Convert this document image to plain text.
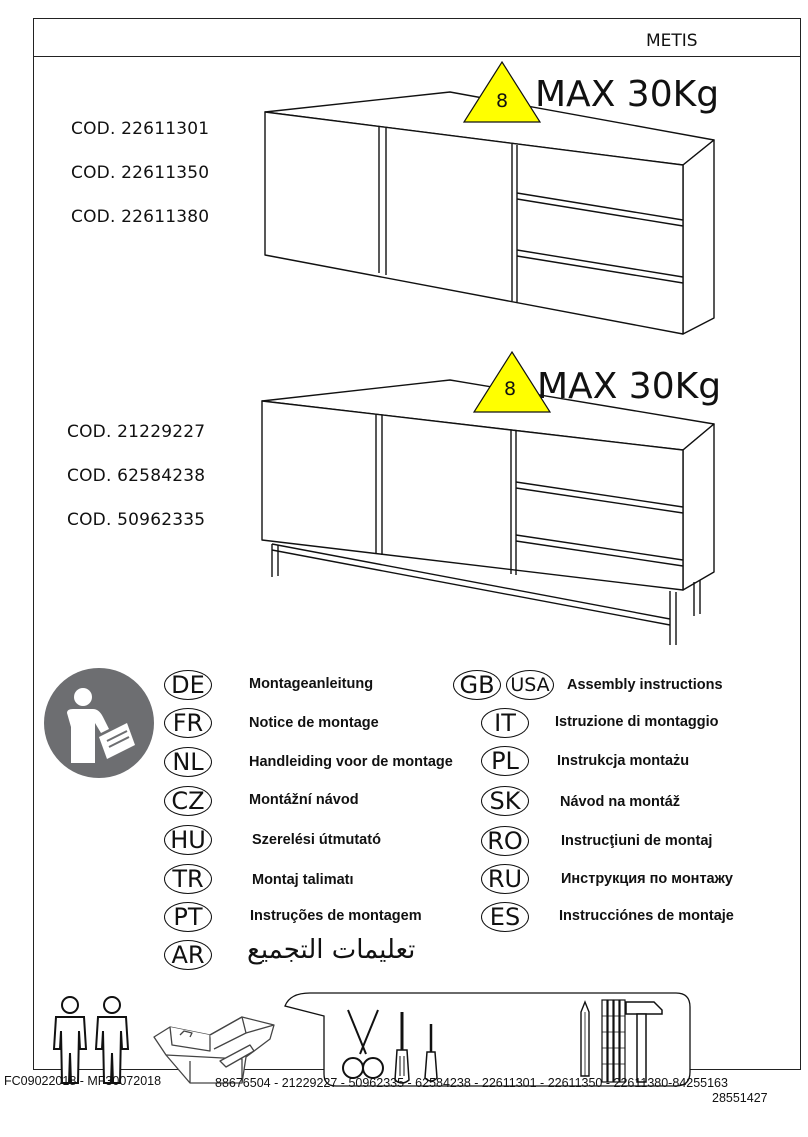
METIS
COD. 22611301
COD. 22611350
COD. 22611380
8 MAX 30Kg
COD. 21229227
COD. 62584238
COD. 50962335
8 MAX 30Kg
DE
FR
NL
CZ
HU
TR
PT
AR
Montageanleitung
Notice de montage
Handleiding voor de montage
Montážní návod
Szerelési útmutató
Montaj talimatı
Instruções de montagem
تعليمات التجميع
GB USA
IT
PL
SK
RO
RU
ES
Assembly instructions
Istruzione di montaggio
Instrukcja montażu
Návod na montáž
Instrucţiuni de montaj
Инструкция по монтажу
Instrucciónes de montaje
FC09022018 - MF30072018	88676504 - 21229227 - 50962335 - 62584238 - 22611301 - 22611350 - 22611380-84255163
28551427
